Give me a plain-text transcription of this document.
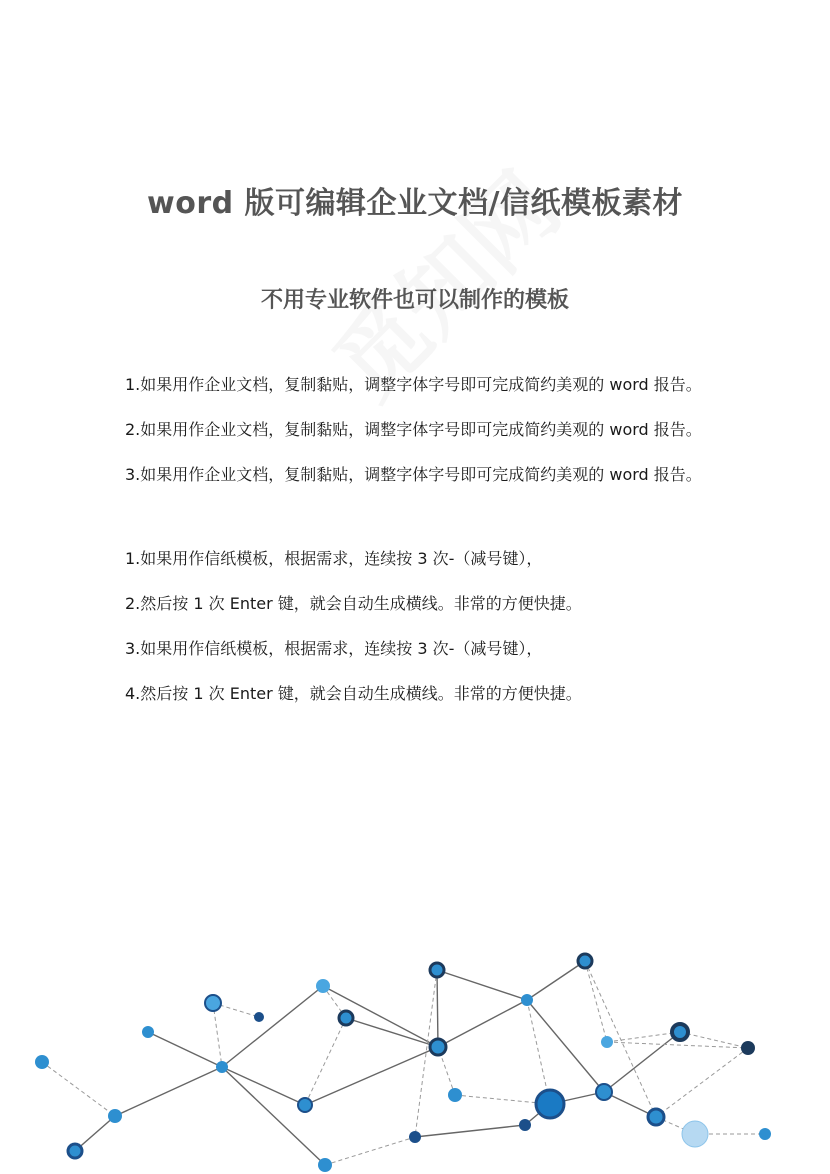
word 版可编辑企业文档/信纸模板素材
不用专业软件也可以制作的模板

1.如果用作企业文档，复制黏贴，调整字体字号即可完成简约美观的 word 报告。

2.如果用作企业文档，复制黏贴，调整字体字号即可完成简约美观的 word 报告。

3.如果用作企业文档，复制黏贴，调整字体字号即可完成简约美观的 word 报告。

1.如果用作信纸模板，根据需求，连续按 3 次-（减号键），

2.然后按 1 次 Enter 键，就会自动生成横线。非常的方便快捷。

3.如果用作信纸模板，根据需求，连续按 3 次-（减号键），

4.然后按 1 次 Enter 键，就会自动生成横线。非常的方便快捷。
